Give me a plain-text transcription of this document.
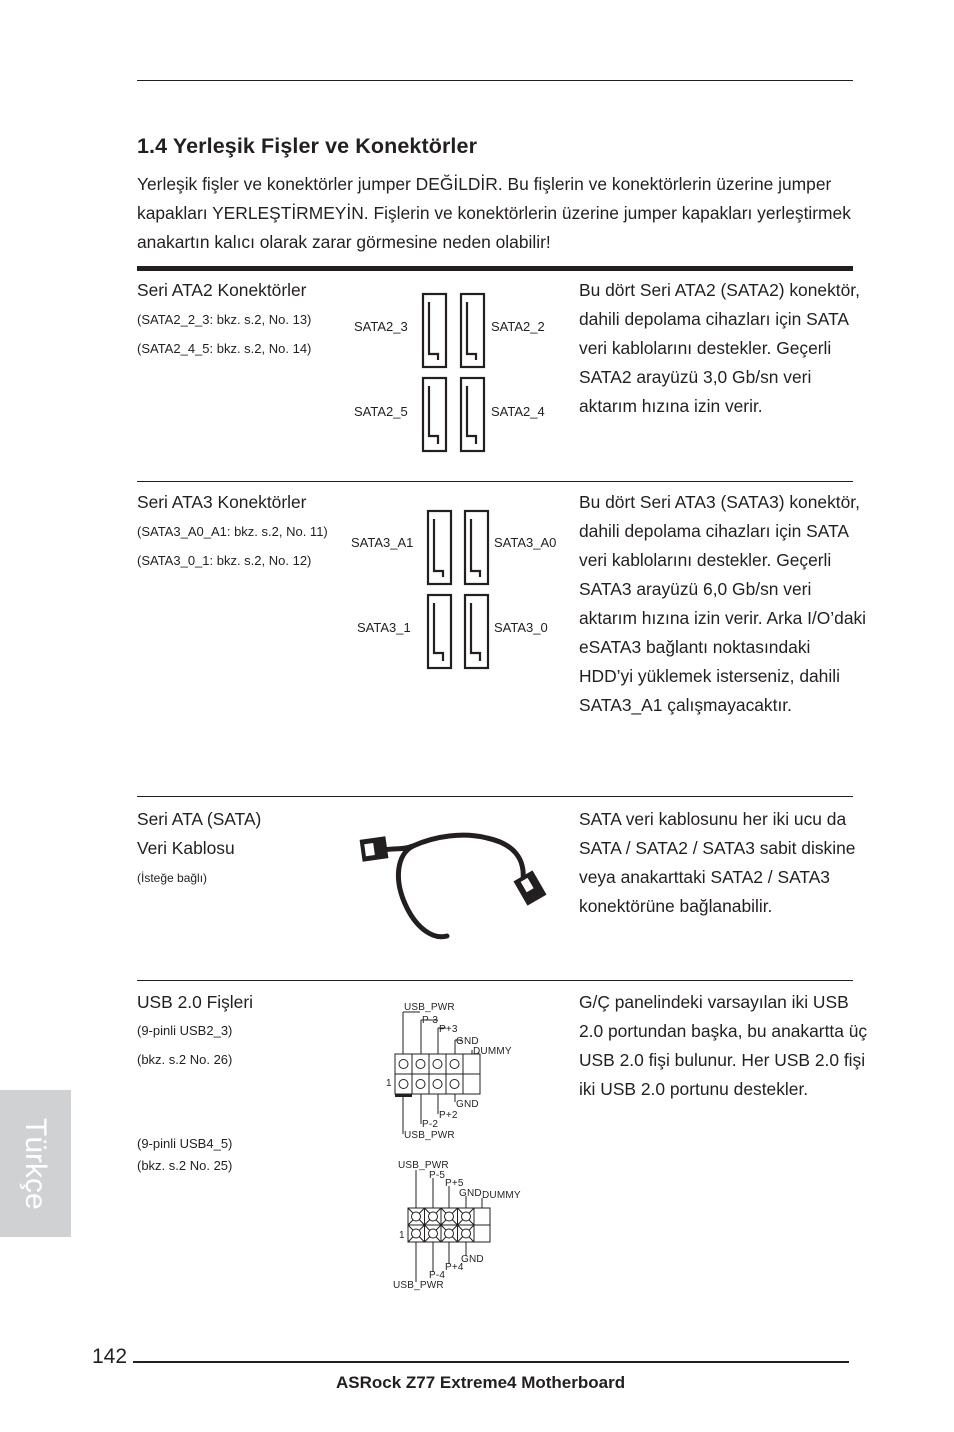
1.4 Yerleşik Fişler ve Konektörler
Yerleşik fişler ve konektörler jumper DEĞİLDİR. Bu fişlerin ve konektörlerin üzerine jumper kapakları YERLEŞTİRMEYİN. Fişlerin ve konektörlerin üzerine jumper kapakları yerleştirmek anakartın kalıcı olarak zarar görmesine neden olabilir!
Seri ATA2 Konektörler
(SATA2_2_3: bkz. s.2, No. 13)
(SATA2_4_5: bkz. s.2, No. 14)
SATA2_3	SATA2_2
SATA2_5	SATA2_4
Bu dört Seri ATA2 (SATA2) konektör, dahili depolama cihazları için SATA veri kablolarını destekler. Geçerli SATA2 arayüzü 3,0 Gb/sn veri aktarım hızına izin verir.
Seri ATA3 Konektörler
(SATA3_A0_A1: bkz. s.2, No. 11)
(SATA3_0_1: bkz. s.2, No. 12)
SATA3_A1	SATA3_A0
SATA3_1	SATA3_0
Bu dört Seri ATA3 (SATA3) konektör, dahili depolama cihazları için SATA veri kablolarını destekler. Geçerli SATA3 arayüzü 6,0 Gb/sn veri aktarım hızına izin verir. Arka I/O’daki eSATA3 bağlantı noktasındaki HDD’yi yüklemek isterseniz, dahili SATA3_A1 çalışmayacaktır.
Seri ATA (SATA)
Veri Kablosu
(İsteğe bağlı)
SATA veri kablosunu her iki ucu da SATA / SATA2 / SATA3 sabit diskine veya anakarttaki SATA2 / SATA3 konektörüne bağlanabilir.
USB 2.0 Fişleri
(9-pinli USB2_3)
(bkz. s.2 No. 26)
(9-pinli USB4_5)
(bkz. s.2 No. 25)
USB_PWR
P-3
P+3
GND
DUMMY
1
GND
P+2
P-2
USB_PWR
USB_PWR
P-5
P+5
GND DUMMY
1
GND
P+4
P-4
USB_PWR
G/Ç panelindeki varsayılan iki USB 2.0 portundan başka, bu anakartta üç USB 2.0 fişi bulunur. Her USB 2.0 fişi iki USB 2.0 portunu destekler.
Türkçe
142
ASRock Z77 Extreme4 Motherboard
